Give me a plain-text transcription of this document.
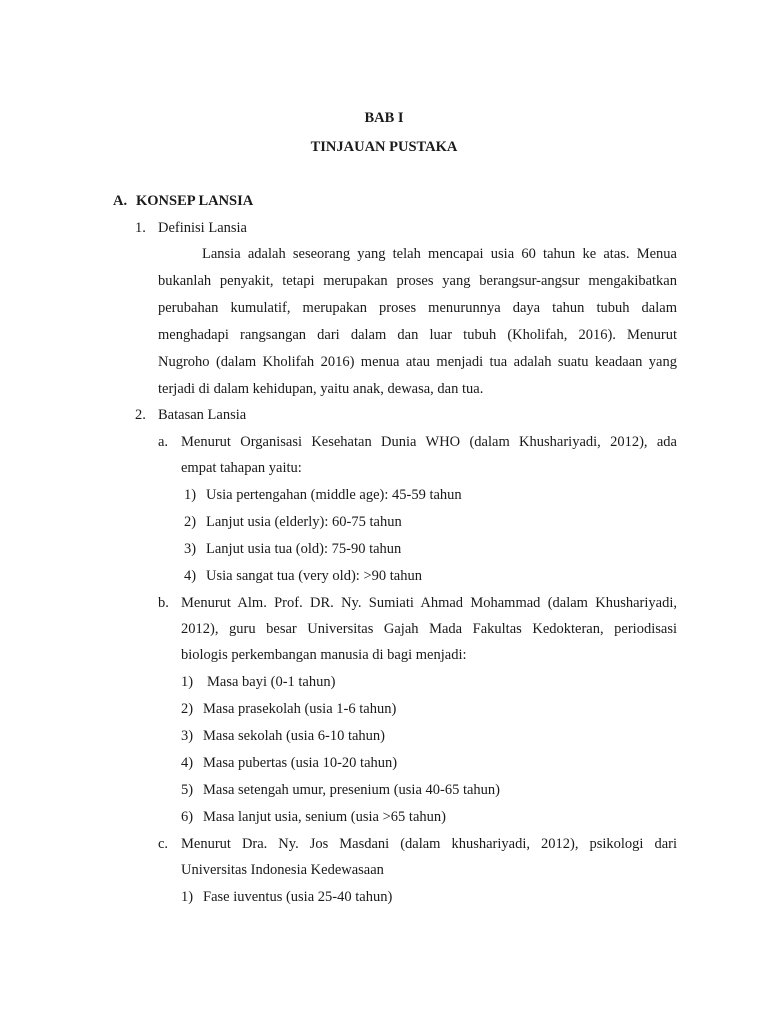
BAB I
TINJAUAN PUSTAKA
A. KONSEP LANSIA
1. Definisi Lansia
Lansia adalah seseorang yang telah mencapai usia 60 tahun ke atas. Menua
bukanlah penyakit, tetapi merupakan proses yang berangsur-angsur mengakibatkan
perubahan kumulatif, merupakan proses menurunnya daya tahun tubuh dalam
menghadapi rangsangan dari dalam dan luar tubuh (Kholifah, 2016). Menurut
Nugroho (dalam Kholifah 2016) menua atau menjadi tua adalah suatu keadaan yang
terjadi di dalam kehidupan, yaitu anak, dewasa, dan tua.
2. Batasan Lansia
a. Menurut Organisasi Kesehatan Dunia WHO (dalam Khushariyadi, 2012), ada
empat tahapan yaitu:
1) Usia pertengahan (middle age): 45-59 tahun
2) Lanjut usia (elderly): 60-75 tahun
3) Lanjut usia tua (old): 75-90 tahun
4) Usia sangat tua (very old): >90 tahun
b. Menurut Alm. Prof. DR. Ny. Sumiati Ahmad Mohammad (dalam Khushariyadi,
2012), guru besar Universitas Gajah Mada Fakultas Kedokteran, periodisasi
biologis perkembangan manusia di bagi menjadi:
1) Masa bayi (0-1 tahun)
2) Masa prasekolah (usia 1-6 tahun)
3) Masa sekolah (usia 6-10 tahun)
4) Masa pubertas (usia 10-20 tahun)
5) Masa setengah umur, presenium (usia 40-65 tahun)
6) Masa lanjut usia, senium (usia >65 tahun)
c. Menurut Dra. Ny. Jos Masdani (dalam khushariyadi, 2012), psikologi dari
Universitas Indonesia Kedewasaan
1) Fase iuventus (usia 25-40 tahun)
